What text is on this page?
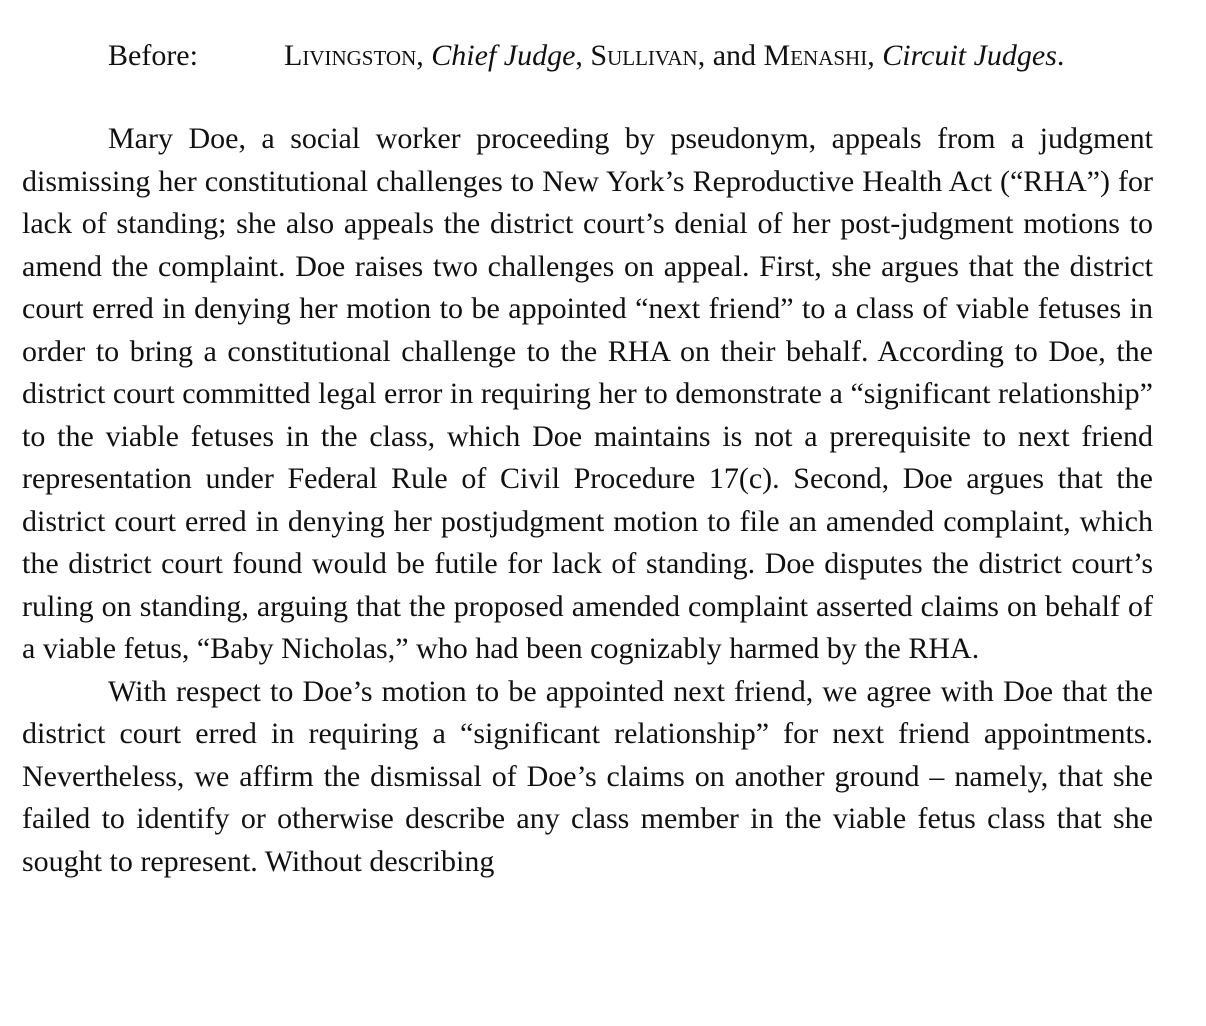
Before:	Livingston, Chief Judge, Sullivan, and Menashi, Circuit Judges.

Mary Doe, a social worker proceeding by pseudonym, appeals from a judgment dismissing her constitutional challenges to New York’s Reproductive Health Act (“RHA”) for lack of standing; she also appeals the district court’s denial of her post-judgment motions to amend the complaint. Doe raises two challenges on appeal. First, she argues that the district court erred in denying her motion to be appointed “next friend” to a class of viable fetuses in order to bring a constitutional challenge to the RHA on their behalf. According to Doe, the district court committed legal error in requiring her to demonstrate a “significant relationship” to the viable fetuses in the class, which Doe maintains is not a prerequisite to next friend representation under Federal Rule of Civil Procedure 17(c). Second, Doe argues that the district court erred in denying her postjudgment motion to file an amended complaint, which the district court found would be futile for lack of standing. Doe disputes the district court’s ruling on standing, arguing that the proposed amended complaint asserted claims on behalf of a viable fetus, “Baby Nicholas,” who had been cognizably harmed by the RHA.

With respect to Doe’s motion to be appointed next friend, we agree with Doe that the district court erred in requiring a “significant relationship” for next friend appointments. Nevertheless, we affirm the dismissal of Doe’s claims on another ground – namely, that she failed to identify or otherwise describe any class member in the viable fetus class that she sought to represent. Without describing
